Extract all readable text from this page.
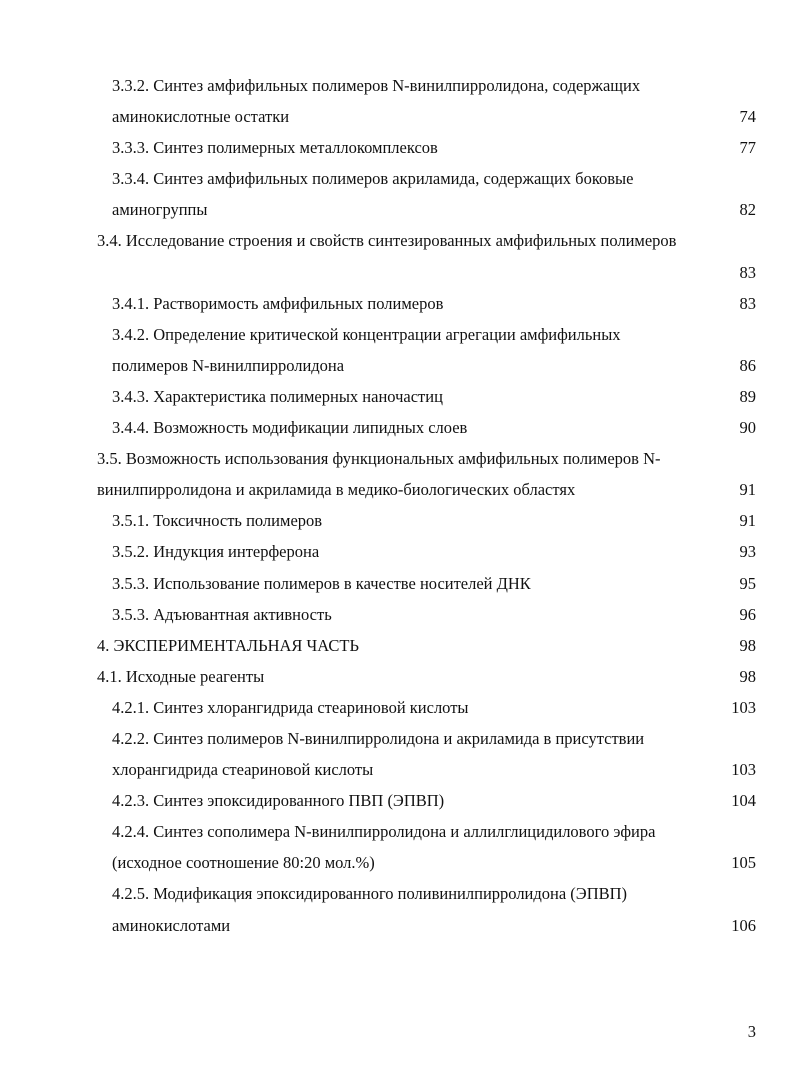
3.3.2. Синтез амфифильных полимеров N-винилпирролидона, содержащих
аминокислотные остатки	74
3.3.3. Синтез полимерных металлокомплексов	77
3.3.4. Синтез амфифильных полимеров акриламида, содержащих боковые
аминогруппы	82
3.4. Исследование строения и свойств синтезированных амфифильных полимеров
83
3.4.1. Растворимость амфифильных полимеров	83
3.4.2. Определение критической концентрации агрегации амфифильных
полимеров N-винилпирролидона	86
3.4.3. Характеристика полимерных наночастиц	89
3.4.4. Возможность модификации липидных слоев	90
3.5. Возможность использования функциональных амфифильных полимеров N-
винилпирролидона и акриламида в медико-биологических областях	91
3.5.1. Токсичность полимеров	91
3.5.2. Индукция интерферона	93
3.5.3. Использование полимеров в качестве носителей ДНК	95
3.5.3. Адъювантная активность	96
4. ЭКСПЕРИМЕНТАЛЬНАЯ ЧАСТЬ	98
4.1. Исходные реагенты	98
4.2.1. Синтез хлорангидрида стеариновой кислоты	103
4.2.2. Синтез полимеров N-винилпирролидона и акриламида в присутствии
хлорангидрида стеариновой кислоты	103
4.2.3. Синтез эпоксидированного ПВП (ЭПВП)	104
4.2.4. Синтез сополимера N-винилпирролидона и аллилглицидилового эфира
(исходное соотношение 80:20 мол.%)	105
4.2.5. Модификация эпоксидированного поливинилпирролидона (ЭПВП)
аминокислотами	106
3
